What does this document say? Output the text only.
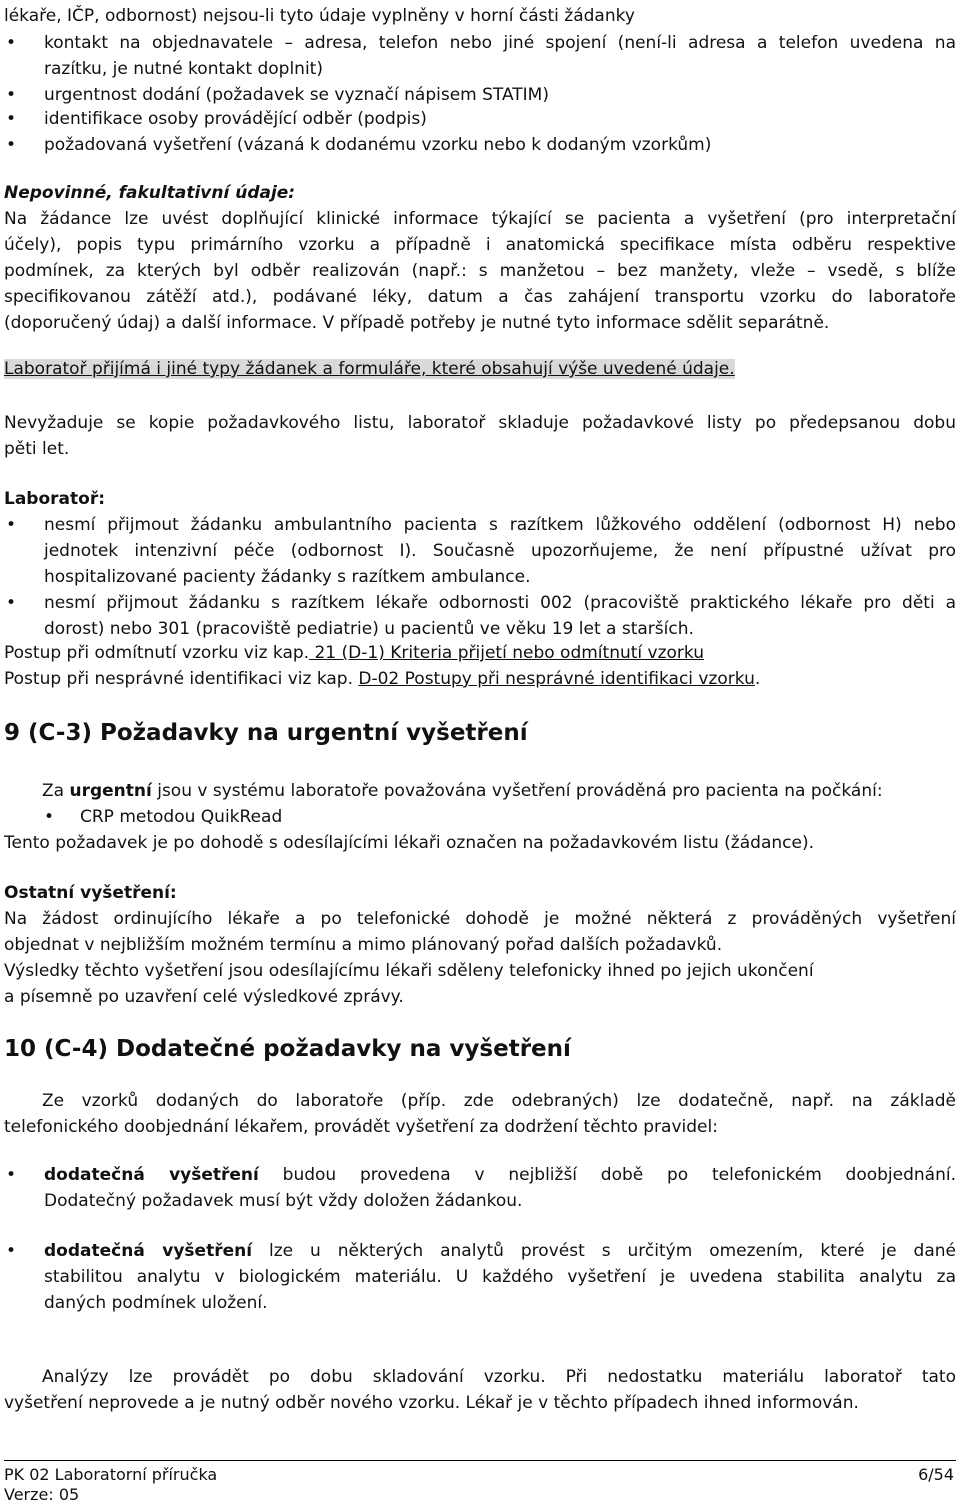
lékaře, IČP, odbornost) nejsou-li tyto údaje vyplněny v horní části žádanky
• kontakt na objednavatele – adresa, telefon nebo jiné spojení (není-li adresa a telefon uvedena na
razítku, je nutné kontakt doplnit)
• urgentnost dodání (požadavek se vyznačí nápisem STATIM)
• identifikace osoby provádějící odběr (podpis)
• požadovaná vyšetření (vázaná k dodanému vzorku nebo k dodaným vzorkům)
Nepovinné, fakultativní údaje:
Na žádance lze uvést doplňující klinické informace týkající se pacienta a vyšetření (pro interpretační
účely), popis typu primárního vzorku a případně i anatomická specifikace místa odběru respektive
podmínek, za kterých byl odběr realizován (např.: s manžetou – bez manžety, vleže – vsedě, s blíže
specifikovanou zátěží atd.), podávané léky, datum a čas zahájení transportu vzorku do laboratoře
(doporučený údaj) a další informace. V případě potřeby je nutné tyto informace sdělit separátně.
Laboratoř přijímá i jiné typy žádanek a formuláře, které obsahují výše uvedené údaje.
Nevyžaduje se kopie požadavkového listu, laboratoř skladuje požadavkové listy po předepsanou dobu
pěti let.
Laboratoř:
• nesmí přijmout žádanku ambulantního pacienta s razítkem lůžkového oddělení (odbornost H) nebo
jednotek intenzivní péče (odbornost I). Současně upozorňujeme, že není přípustné užívat pro
hospitalizované pacienty žádanky s razítkem ambulance.
• nesmí přijmout žádanku s razítkem lékaře odbornosti 002 (pracoviště praktického lékaře pro děti a
dorost) nebo 301 (pracoviště pediatrie) u pacientů ve věku 19 let a starších.
Postup při odmítnutí vzorku viz kap. 21 (D-1) Kriteria přijetí nebo odmítnutí vzorku
Postup při nesprávné identifikaci viz kap. D-02 Postupy při nesprávné identifikaci vzorku.
9 (C-3) Požadavky na urgentní vyšetření
Za urgentní jsou v systému laboratoře považována vyšetření prováděná pro pacienta na počkání:
• CRP metodou QuikRead
Tento požadavek je po dohodě s odesílajícími lékaři označen na požadavkovém listu (žádance).
Ostatní vyšetření:
Na žádost ordinujícího lékaře a po telefonické dohodě je možné některá z prováděných vyšetření
objednat v nejbližším možném termínu a mimo plánovaný pořad dalších požadavků.
Výsledky těchto vyšetření jsou odesílajícímu lékaři sděleny telefonicky ihned po jejich ukončení
a písemně po uzavření celé výsledkové zprávy.
10 (C-4) Dodatečné požadavky na vyšetření
Ze vzorků dodaných do laboratoře (příp. zde odebraných) lze dodatečně, např. na základě
telefonického doobjednání lékařem, provádět vyšetření za dodržení těchto pravidel:
• dodatečná vyšetření budou provedena v nejbližší době po telefonickém doobjednání.
Dodatečný požadavek musí být vždy doložen žádankou.
• dodatečná vyšetření lze u některých analytů provést s určitým omezením, které je dané
stabilitou analytu v biologickém materiálu. U každého vyšetření je uvedena stabilita analytu za
daných podmínek uložení.
Analýzy lze provádět po dobu skladování vzorku. Při nedostatku materiálu laboratoř tato
vyšetření neprovede a je nutný odběr nového vzorku. Lékař je v těchto případech ihned informován.
PK 02 Laboratorní příručka	6/54
Verze: 05
